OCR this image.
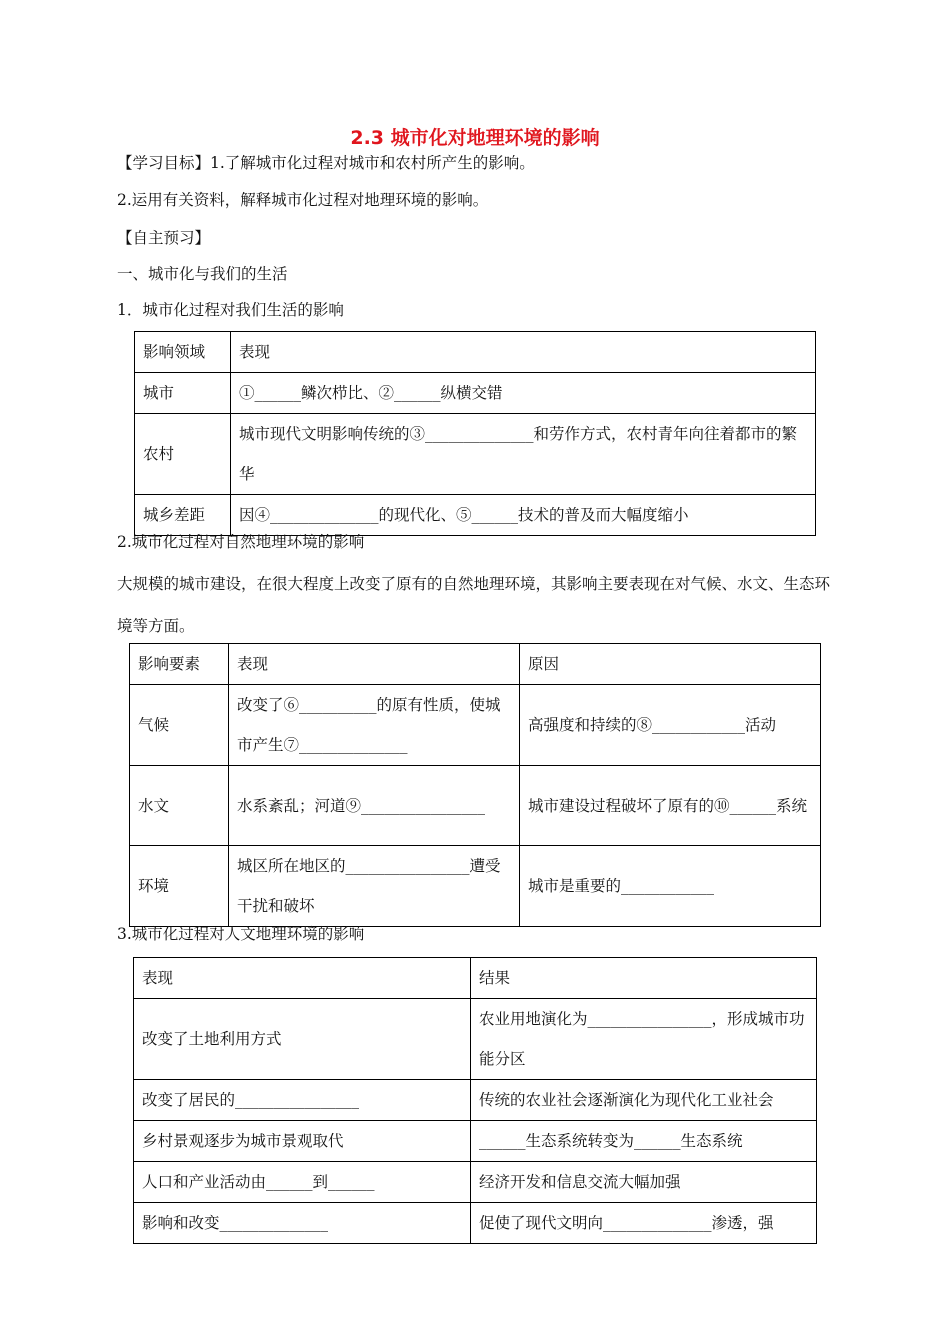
2.3 城市化对地理环境的影响
【学习目标】1.了解城市化过程对城市和农村所产生的影响。
2.运用有关资料，解释城市化过程对地理环境的影响。
【自主预习】
一、城市化与我们的生活
1．城市化过程对我们生活的影响
影响领域	表现
城市	①______鳞次栉比、②______纵横交错
农村	城市现代文明影响传统的③______________和劳作方式，农村青年向往着都市的繁华
城乡差距	因④______________的现代化、⑤______技术的普及而大幅度缩小
2.城市化过程对自然地理环境的影响
大规模的城市建设，在很大程度上改变了原有的自然地理环境，其影响主要表现在对气候、水文、生态环境等方面。
影响要素	表现	原因
气候	改变了⑥__________的原有性质，使城市产生⑦______________	高强度和持续的⑧____________活动
水文	水系紊乱；河道⑨________________	城市建设过程破坏了原有的⑩______系统
环境	城区所在地区的________________遭受干扰和破坏	城市是重要的____________
3.城市化过程对人文地理环境的影响
表现	结果
改变了土地利用方式	农业用地演化为________________，形成城市功能分区
改变了居民的________________	传统的农业社会逐渐演化为现代化工业社会
乡村景观逐步为城市景观取代	______生态系统转变为______生态系统
人口和产业活动由______到______	经济开发和信息交流大幅加强
影响和改变______________	促使了现代文明向______________渗透，强
